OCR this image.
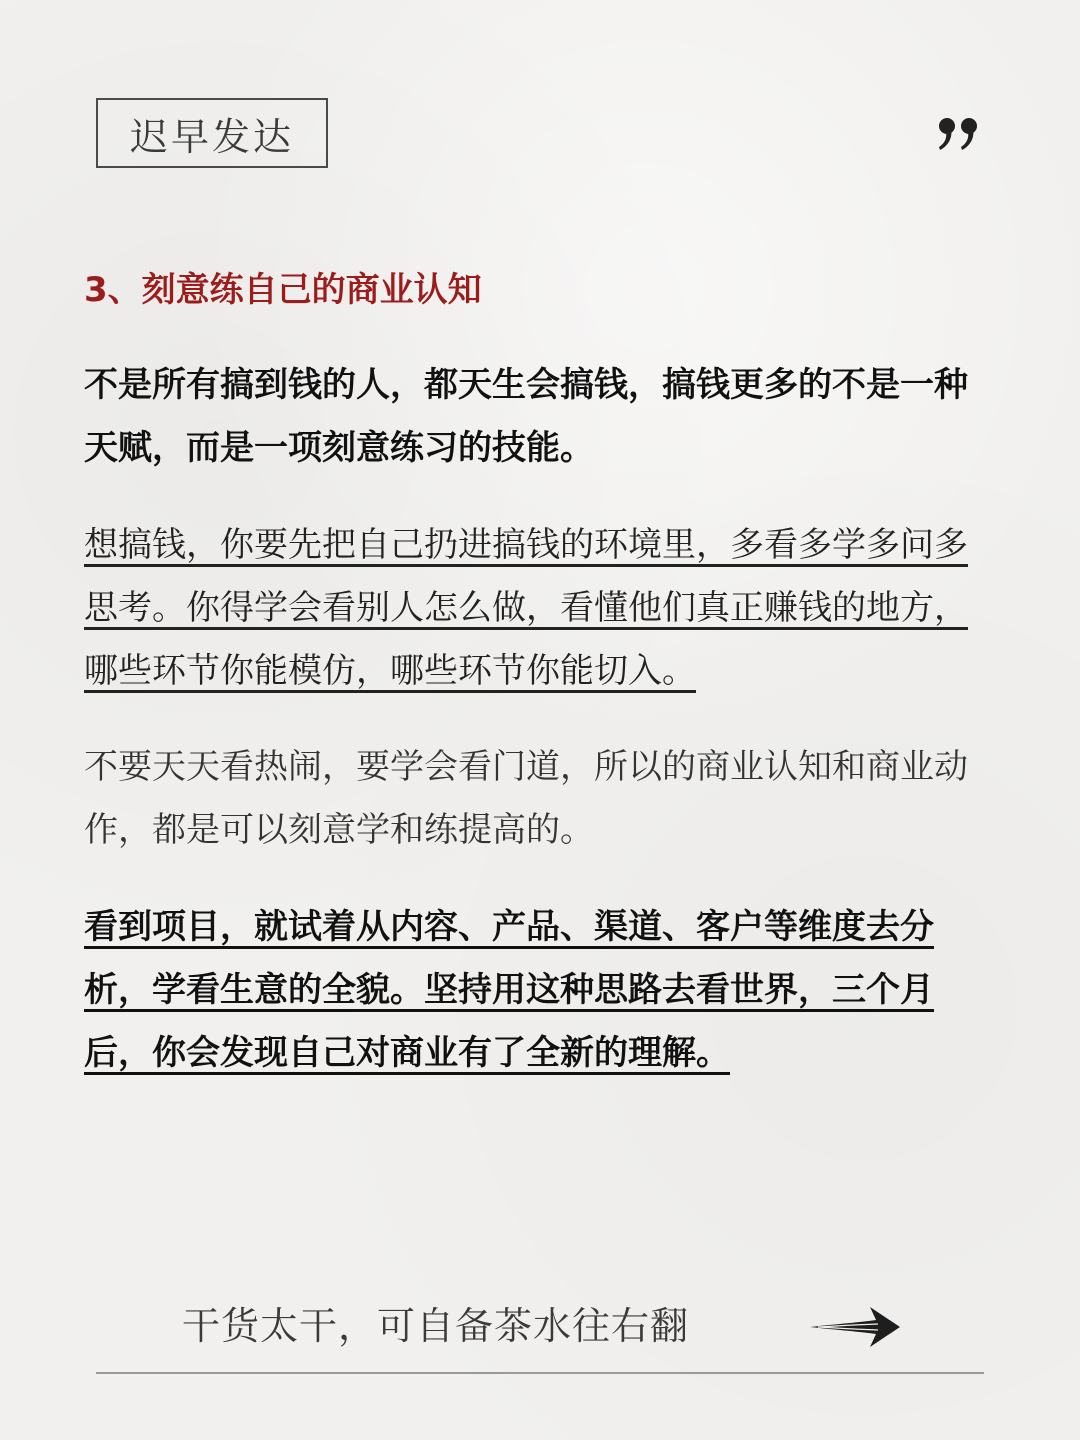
迟早发达
3、刻意练自己的商业认知

不是所有搞到钱的人，都天生会搞钱，搞钱更多的不是一种天赋，而是一项刻意练习的技能。

想搞钱，你要先把自己扔进搞钱的环境里，多看多学多问多思考。你得学会看别人怎么做，看懂他们真正赚钱的地方，哪些环节你能模仿，哪些环节你能切入。

不要天天看热闹，要学会看门道，所以的商业认知和商业动作，都是可以刻意学和练提高的。

看到项目，就试着从内容、产品、渠道、客户等维度去分析，学看生意的全貌。坚持用这种思路去看世界，三个月后，你会发现自己对商业有了全新的理解。

干货太干，可自备茶水往右翻
